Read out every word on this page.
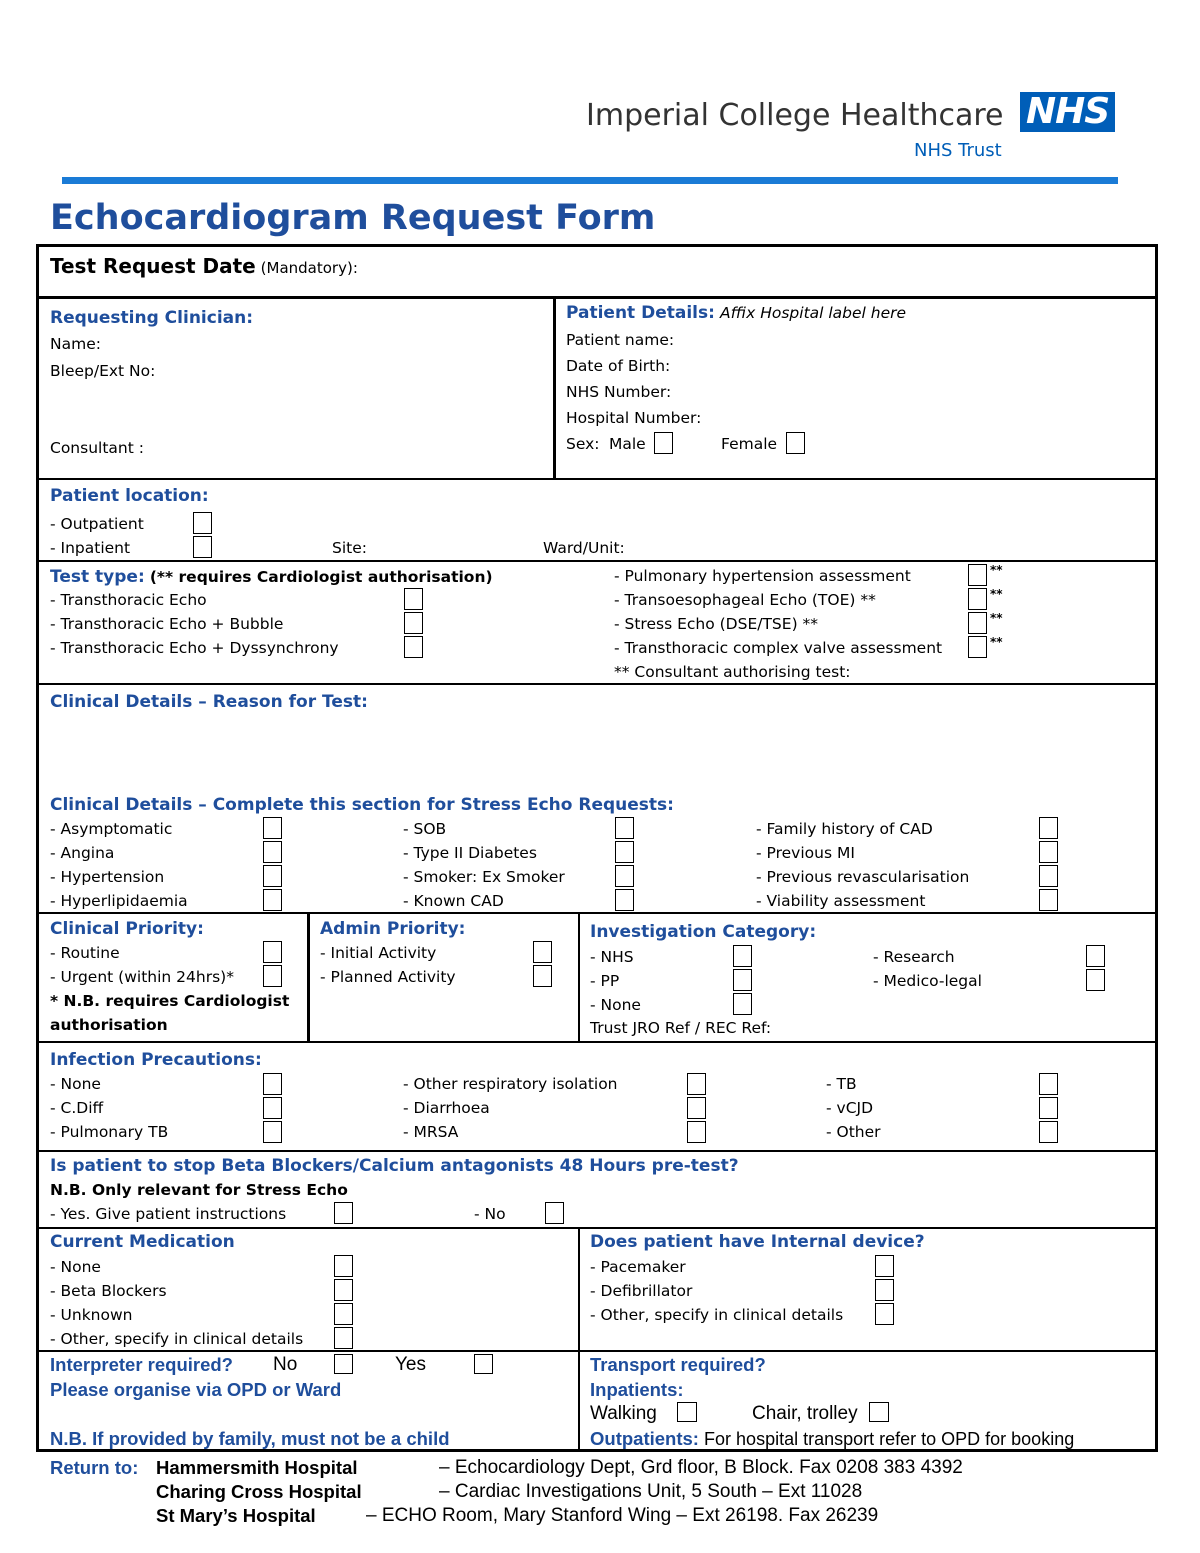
Imperial College Healthcare NHS
NHS Trust
Echocardiogram Request Form
Test Request Date (Mandatory):
Requesting Clinician:
Name:
Bleep/Ext No:
Consultant :
Patient Details: Affix Hospital label here
Patient name:
Date of Birth:
NHS Number:
Hospital Number:
Sex: Male	Female
Patient location:
- Outpatient
- Inpatient	Site:	Ward/Unit:
Test type: (** requires Cardiologist authorisation)
- Transthoracic Echo
- Transthoracic Echo + Bubble
- Transthoracic Echo + Dyssynchrony
- Pulmonary hypertension assessment
- Transoesophageal Echo (TOE) **
- Stress Echo (DSE/TSE) **
- Transthoracic complex valve assessment
**
**
**
**
** Consultant authorising test:
Clinical Details – Reason for Test:
Clinical Details – Complete this section for Stress Echo Requests:
- Asymptomatic
- Angina
- Hypertension
- Hyperlipidaemia
- SOB
- Type II Diabetes
- Smoker: Ex Smoker
- Known CAD
- Family history of CAD
- Previous MI
- Previous revascularisation
- Viability assessment
Clinical Priority:
- Routine
- Urgent (within 24hrs)*
* N.B. requires Cardiologist
authorisation
Admin Priority:
- Initial Activity
- Planned Activity
Investigation Category:
- NHS
- PP
- None
- Research
- Medico-legal
Trust JRO Ref / REC Ref:
Infection Precautions:
- None
- C.Diff
- Pulmonary TB
- Other respiratory isolation
- Diarrhoea
- MRSA
- TB
- vCJD
- Other
Is patient to stop Beta Blockers/Calcium antagonists 48 Hours pre-test?
N.B. Only relevant for Stress Echo
- Yes. Give patient instructions	- No
Current Medication
- None
- Beta Blockers
- Unknown
- Other, specify in clinical details
Does patient have Internal device?
- Pacemaker
- Defibrillator
- Other, specify in clinical details
Interpreter required? No	Yes
Please organise via OPD or Ward
N.B. If provided by family, must not be a child
Transport required?
Inpatients:
Walking	Chair, trolley
Outpatients: For hospital transport refer to OPD for booking
Return to: Hammersmith Hospital	– Echocardiology Dept, Grd floor, B Block. Fax 0208 383 4392
Charing Cross Hospital	– Cardiac Investigations Unit, 5 South – Ext 11028
St Mary’s Hospital	– ECHO Room, Mary Stanford Wing – Ext 26198. Fax 26239
